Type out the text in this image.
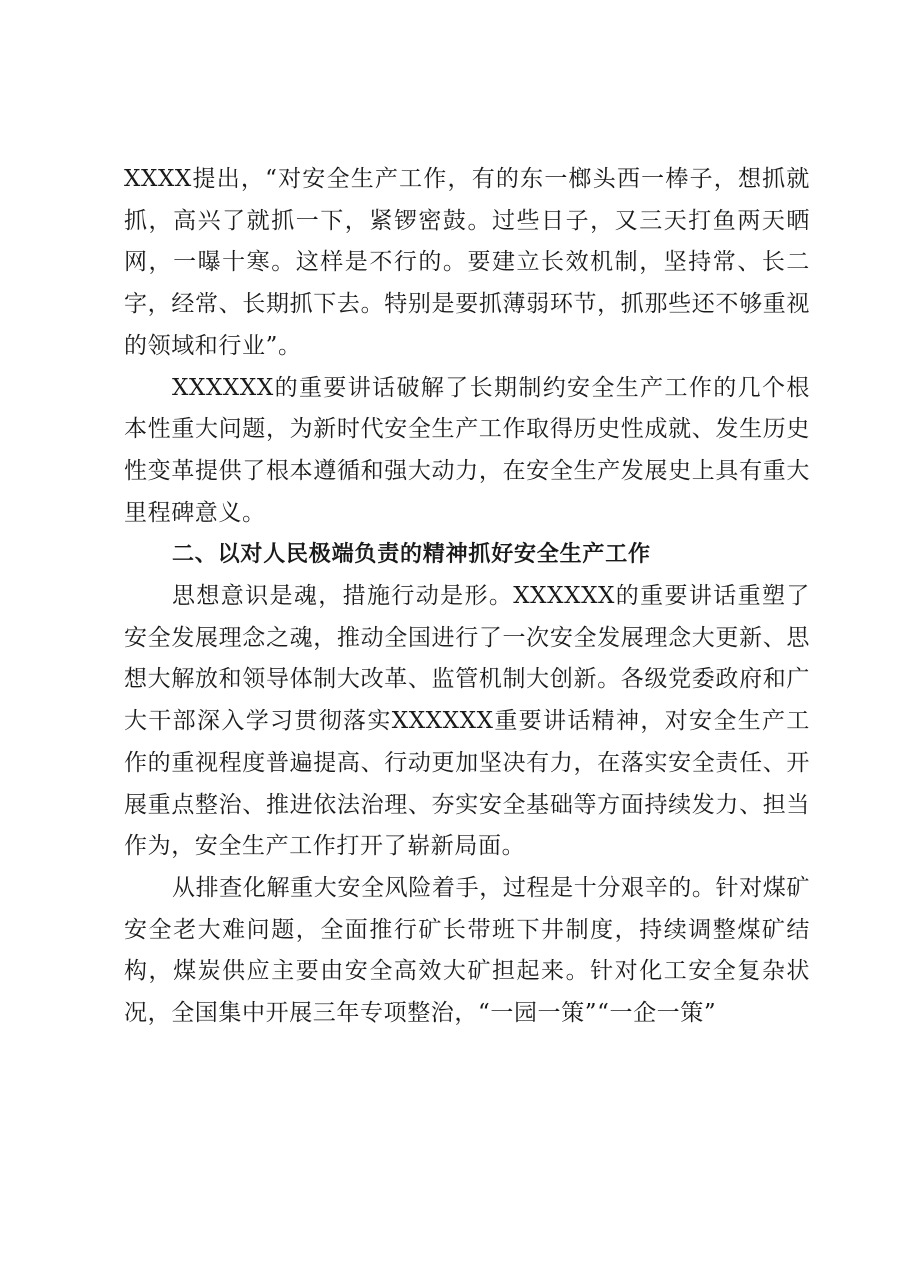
XXXX提出，“对安全生产工作，有的东一榔头西一棒子，想抓就抓，高兴了就抓一下，紧锣密鼓。过些日子，又三天打鱼两天晒网，一曝十寒。这样是不行的。要建立长效机制，坚持常、长二字，经常、长期抓下去。特别是要抓薄弱环节，抓那些还不够重视的领域和行业”。

XXXXXX的重要讲话破解了长期制约安全生产工作的几个根本性重大问题，为新时代安全生产工作取得历史性成就、发生历史性变革提供了根本遵循和强大动力，在安全生产发展史上具有重大里程碑意义。

二、以对人民极端负责的精神抓好安全生产工作

思想意识是魂，措施行动是形。XXXXXX的重要讲话重塑了安全发展理念之魂，推动全国进行了一次安全发展理念大更新、思想大解放和领导体制大改革、监管机制大创新。各级党委政府和广大干部深入学习贯彻落实XXXXXX重要讲话精神，对安全生产工作的重视程度普遍提高、行动更加坚决有力，在落实安全责任、开展重点整治、推进依法治理、夯实安全基础等方面持续发力、担当作为，安全生产工作打开了崭新局面。

从排查化解重大安全风险着手，过程是十分艰辛的。针对煤矿安全老大难问题，全面推行矿长带班下井制度，持续调整煤矿结构，煤炭供应主要由安全高效大矿担起来。针对化工安全复杂状况，全国集中开展三年专项整治，“一园一策”“一企一策”
